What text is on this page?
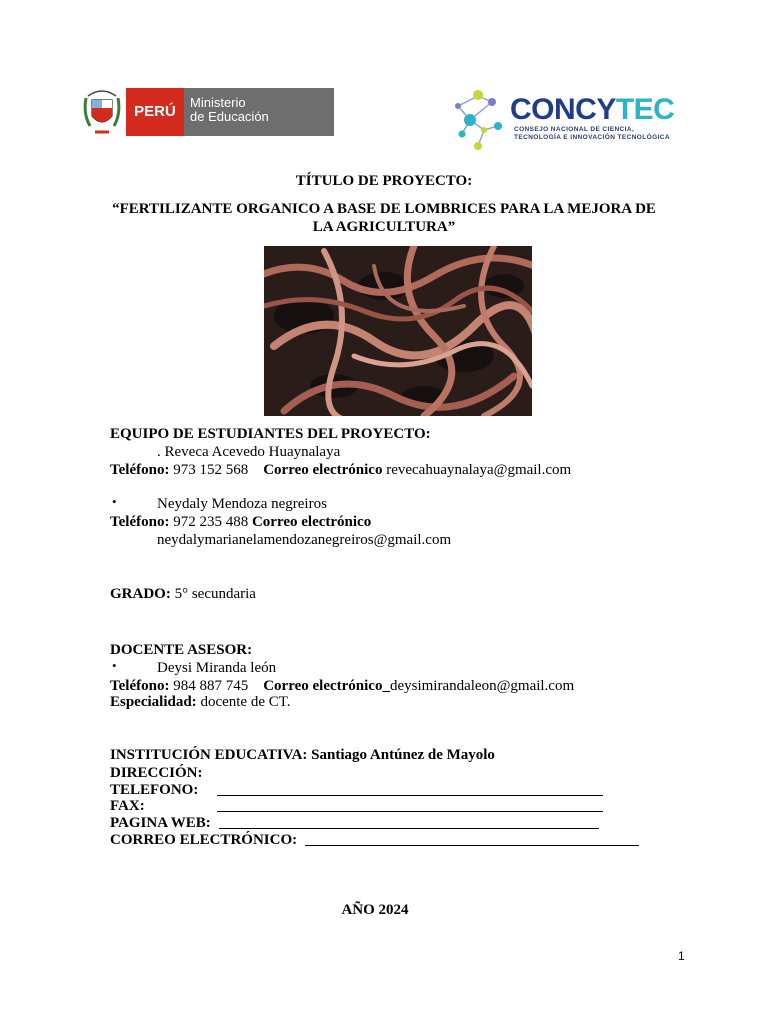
PERÚ
Ministerio
de Educación	CONCYTEC
CONSEJO NACIONAL DE CIENCIA,
TECNOLOGÍA E INNOVACIÓN TECNOLÓGICA
TÍTULO DE PROYECTO:
“FERTILIZANTE ORGANICO A BASE DE LOMBRICES PARA LA MEJORA DE
LA AGRICULTURA”
EQUIPO DE ESTUDIANTES DEL PROYECTO:
. Reveca Acevedo Huaynalaya
Teléfono: 973 152 568 Correo electrónico revecahuaynalaya@gmail.com
•	Neydaly Mendoza negreiros
Teléfono: 972 235 488 Correo electrónico
neydalymarianelamendozanegreiros@gmail.com
GRADO: 5° secundaria
DOCENTE ASESOR:
•	Deysi Miranda león
Teléfono: 984 887 745 Correo electrónico_deysimirandaleon@gmail.com
Especialidad: docente de CT.
INSTITUCIÓN EDUCATIVA: Santiago Antúnez de Mayolo
DIRECCIÓN:
TELEFONO:
FAX:
PAGINA WEB:
CORREO ELECTRÓNICO:
AÑO 2024
1
